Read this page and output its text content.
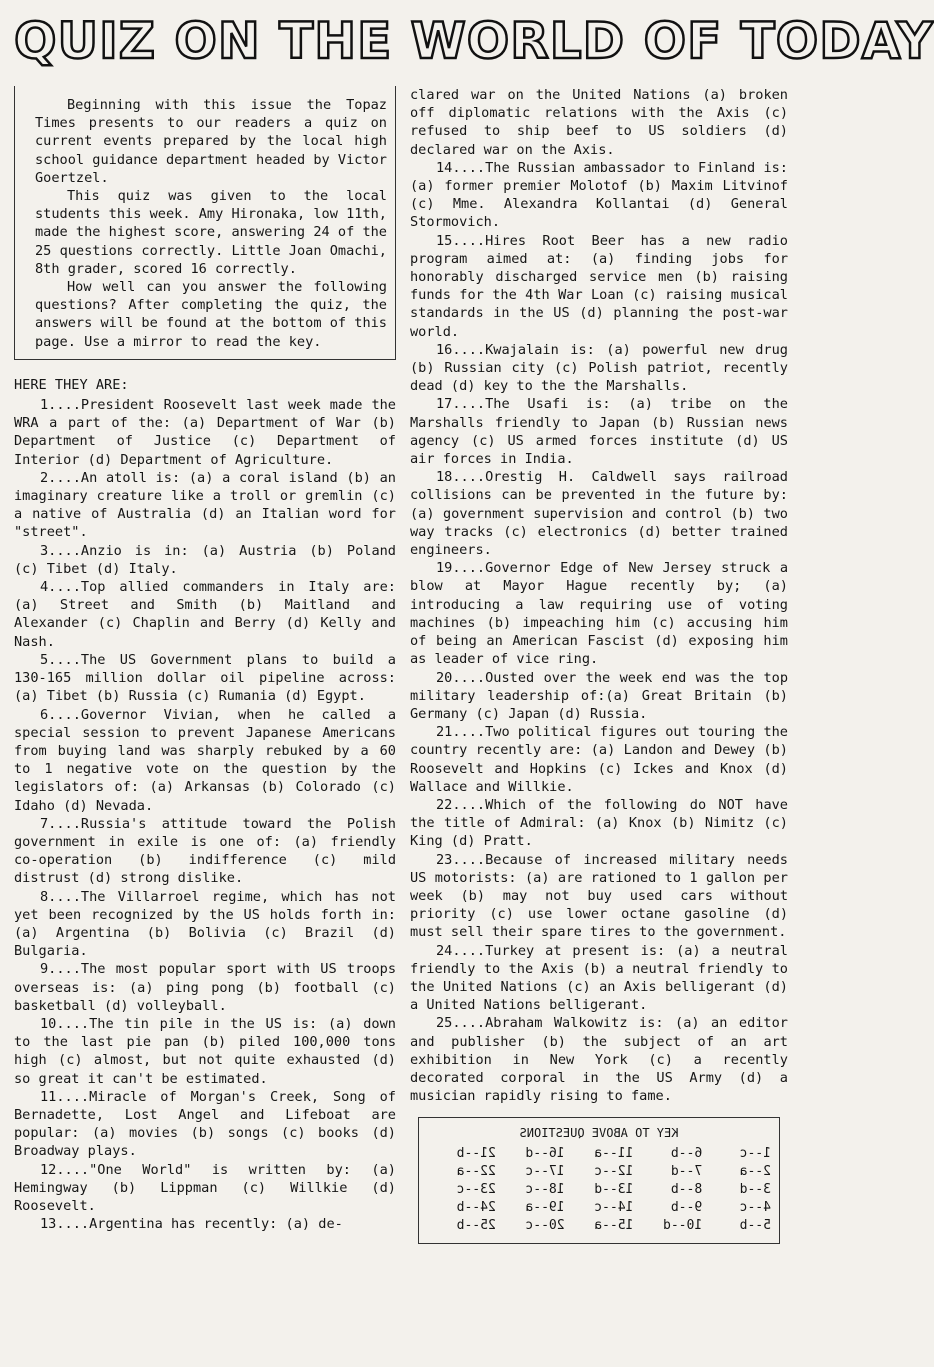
QUIZ ON THE WORLD OF TODAY

Beginning with this issue the Topaz Times presents to our readers a quiz on current events prepared by the local high school guidance department headed by Victor Goertzel.

This quiz was given to the local students this week. Amy Hironaka, low 11th, made the highest score, answering 24 of the 25 questions correctly. Little Joan Omachi, 8th grader, scored 16 correctly.

How well can you answer the following questions? After completing the quiz, the answers will be found at the bottom of this page. Use a mirror to read the key.

HERE THEY ARE:

1....President Roosevelt last week made the WRA a part of the: (a) Department of War (b) Department of Justice (c) Department of Interior (d) Department of Agriculture.

2....An atoll is: (a) a coral island (b) an imaginary creature like a troll or gremlin (c) a native of Australia (d) an Italian word for "street".

3....Anzio is in: (a) Austria (b) Poland (c) Tibet (d) Italy.

4....Top allied commanders in Italy are: (a) Street and Smith (b) Maitland and Alexander (c) Chaplin and Berry (d) Kelly and Nash.

5....The US Government plans to build a 130-165 million dollar oil pipeline across: (a) Tibet (b) Russia (c) Rumania (d) Egypt.

6....Governor Vivian, when he called a special session to prevent Japanese Americans from buying land was sharply rebuked by a 60 to 1 negative vote on the question by the legislators of: (a) Arkansas (b) Colorado (c) Idaho (d) Nevada.

7....Russia's attitude toward the Polish government in exile is one of: (a) friendly co-operation (b) indifference (c) mild distrust (d) strong dislike.

8....The Villarroel regime, which has not yet been recognized by the US holds forth in: (a) Argentina (b) Bolivia (c) Brazil (d) Bulgaria.

9....The most popular sport with US troops overseas is: (a) ping pong (b) football (c) basketball (d) volleyball.

10....The tin pile in the US is: (a) down to the last pie pan (b) piled 100,000 tons high (c) almost, but not quite exhausted (d) so great it can't be estimated.

11....Miracle of Morgan's Creek, Song of Bernadette, Lost Angel and Lifeboat are popular: (a) movies (b) songs (c) books (d) Broadway plays.

12...."One World" is written by: (a) Hemingway (b) Lippman (c) Willkie (d) Roosevelt.

13....Argentina has recently: (a) de-

clared war on the United Nations (a) broken off diplomatic relations with the Axis (c) refused to ship beef to US soldiers (d) declared war on the Axis.

14....The Russian ambassador to Finland is: (a) former premier Molotof (b) Maxim Litvinof (c) Mme. Alexandra Kollantai (d) General Stormovich.

15....Hires Root Beer has a new radio program aimed at: (a) finding jobs for honorably discharged service men (b) raising funds for the 4th War Loan (c) raising musical standards in the US (d) planning the post-war world.

16....Kwajalain is: (a) powerful new drug (b) Russian city (c) Polish patriot, recently dead (d) key to the the Marshalls.

17....The Usafi is: (a) tribe on the Marshalls friendly to Japan (b) Russian news agency (c) US armed forces institute (d) US air forces in India.

18....Orestig H. Caldwell says railroad collisions can be prevented in the future by: (a) government supervision and control (b) two way tracks (c) electronics (d) better trained engineers.

19....Governor Edge of New Jersey struck a blow at Mayor Hague recently by; (a) introducing a law requiring use of voting machines (b) impeaching him (c) accusing him of being an American Fascist (d) exposing him as leader of vice ring.

20....Ousted over the week end was the top military leadership of:(a) Great Britain (b) Germany (c) Japan (d) Russia.

21....Two political figures out touring the country recently are: (a) Landon and Dewey (b) Roosevelt and Hopkins (c) Ickes and Knox (d) Wallace and Willkie.

22....Which of the following do NOT have the title of Admiral: (a) Knox (b) Nimitz (c) King (d) Pratt.

23....Because of increased military needs US motorists: (a) are rationed to 1 gallon per week (b) may not buy used cars without priority (c) use lower octane gasoline (d) must sell their spare tires to the government.

24....Turkey at present is: (a) a neutral friendly to the Axis (b) a neutral friendly to the United Nations (c) an Axis belligerant (d) a United Nations belligerant.

25....Abraham Walkowitz is: (a) an editor and publisher (b) the subject of an art exhibition in New York (c) a recently decorated corporal in the US Army (d) a musician rapidly rising to fame.

KEY TO ABOVE QUESTIONS
1--c
6--b
11--a
16--d
21--b
2--a
7--d
12--c
17--c
22--a
3--d
8--b
13--d
18--c
23--c
4--c
9--b
14--c
19--a
24--b
5--b
10--d
15--a
20--c
25--b
